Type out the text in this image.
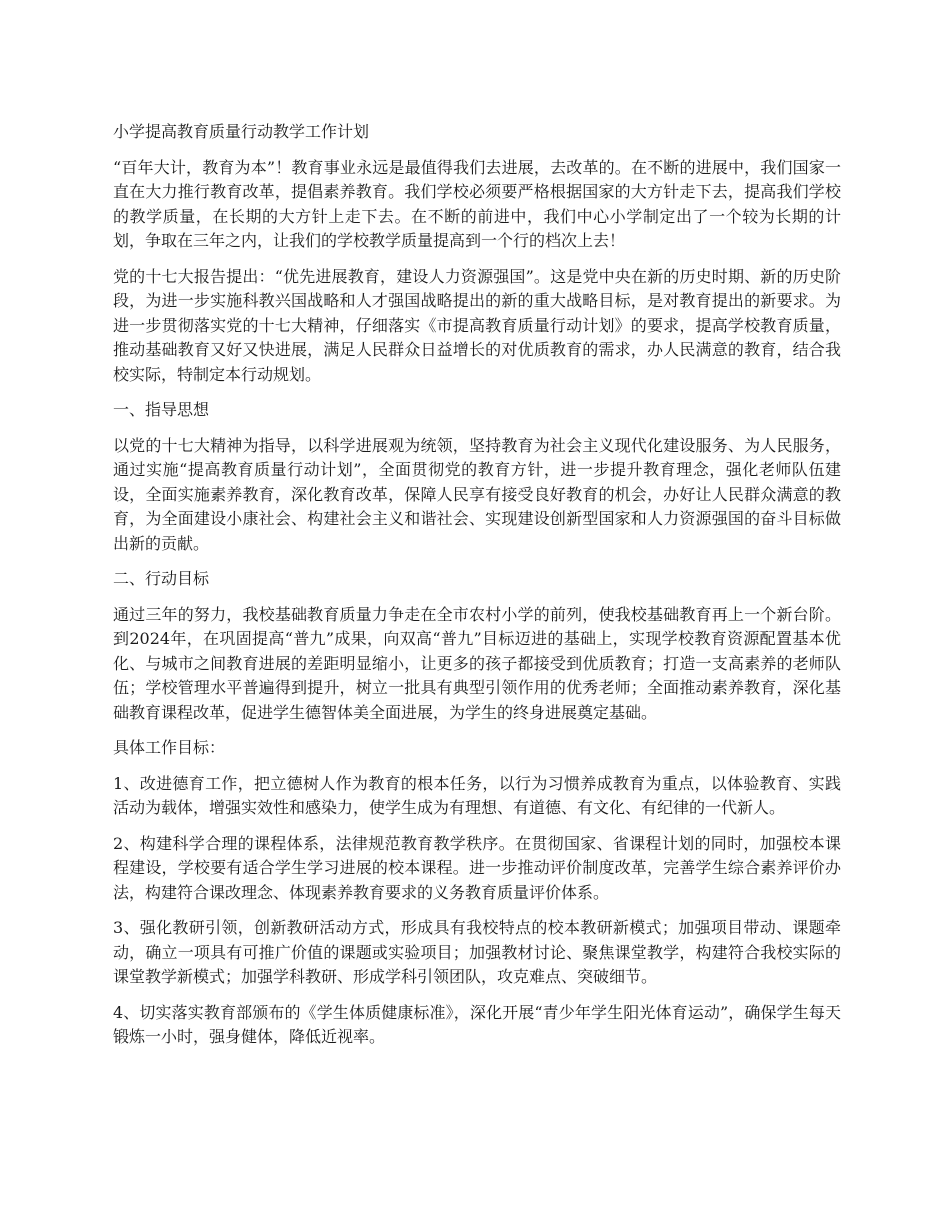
小学提高教育质量行动教学工作计划

“百年大计，教育为本”！教育事业永远是最值得我们去进展，去改革的。在不断的进展中，我们国家一直在大力推行教育改革，提倡素养教育。我们学校必须要严格根据国家的大方针走下去，提高我们学校的教学质量，在长期的大方针上走下去。在不断的前进中，我们中心小学制定出了一个较为长期的计划，争取在三年之内，让我们的学校教学质量提高到一个行的档次上去！

党的十七大报告提出：“优先进展教育，建设人力资源强国”。这是党中央在新的历史时期、新的历史阶段，为进一步实施科教兴国战略和人才强国战略提出的新的重大战略目标，是对教育提出的新要求。为进一步贯彻落实党的十七大精神，仔细落实《市提高教育质量行动计划》的要求，提高学校教育质量，推动基础教育又好又快进展，满足人民群众日益增长的对优质教育的需求，办人民满意的教育，结合我校实际，特制定本行动规划。

一、指导思想

以党的十七大精神为指导，以科学进展观为统领，坚持教育为社会主义现代化建设服务、为人民服务，通过实施“提高教育质量行动计划”，全面贯彻党的教育方针，进一步提升教育理念，强化老师队伍建设，全面实施素养教育，深化教育改革，保障人民享有接受良好教育的机会，办好让人民群众满意的教育，为全面建设小康社会、构建社会主义和谐社会、实现建设创新型国家和人力资源强国的奋斗目标做出新的贡献。

二、行动目标

通过三年的努力，我校基础教育质量力争走在全市农村小学的前列，使我校基础教育再上一个新台阶。到2024年，在巩固提高“普九”成果，向双高“普九”目标迈进的基础上，实现学校教育资源配置基本优化、与城市之间教育进展的差距明显缩小，让更多的孩子都接受到优质教育；打造一支高素养的老师队伍；学校管理水平普遍得到提升，树立一批具有典型引领作用的优秀老师；全面推动素养教育，深化基础教育课程改革，促进学生德智体美全面进展，为学生的终身进展奠定基础。

具体工作目标：

1、改进德育工作，把立德树人作为教育的根本任务，以行为习惯养成教育为重点，以体验教育、实践活动为载体，增强实效性和感染力，使学生成为有理想、有道德、有文化、有纪律的一代新人。

2、构建科学合理的课程体系，法律规范教育教学秩序。在贯彻国家、省课程计划的同时，加强校本课程建设，学校要有适合学生学习进展的校本课程。进一步推动评价制度改革，完善学生综合素养评价办法，构建符合课改理念、体现素养教育要求的义务教育质量评价体系。

3、强化教研引领，创新教研活动方式，形成具有我校特点的校本教研新模式；加强项目带动、课题牵动，确立一项具有可推广价值的课题或实验项目；加强教材讨论、聚焦课堂教学，构建符合我校实际的课堂教学新模式；加强学科教研、形成学科引领团队，攻克难点、突破细节。

4、切实落实教育部颁布的《学生体质健康标准》，深化开展“青少年学生阳光体育运动”，确保学生每天锻炼一小时，强身健体，降低近视率。
